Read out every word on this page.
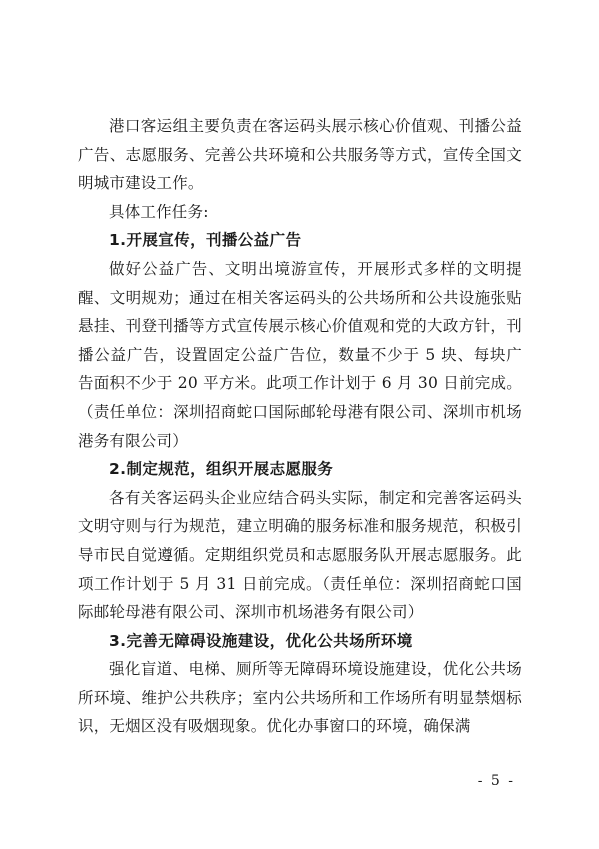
港口客运组主要负责在客运码头展示核心价值观、刊播公益广告、志愿服务、完善公共环境和公共服务等方式，宣传全国文明城市建设工作。

具体工作任务:

1.开展宣传，刊播公益广告

做好公益广告、文明出境游宣传，开展形式多样的文明提醒、文明规劝；通过在相关客运码头的公共场所和公共设施张贴悬挂、刊登刊播等方式宣传展示核心价值观和党的大政方针，刊播公益广告，设置固定公益广告位，数量不少于 5 块、每块广告面积不少于 20 平方米。此项工作计划于 6 月 30 日前完成。（责任单位：深圳招商蛇口国际邮轮母港有限公司、深圳市机场港务有限公司）

2.制定规范，组织开展志愿服务

各有关客运码头企业应结合码头实际，制定和完善客运码头文明守则与行为规范，建立明确的服务标准和服务规范，积极引导市民自觉遵循。定期组织党员和志愿服务队开展志愿服务。此项工作计划于 5 月 31 日前完成。（责任单位：深圳招商蛇口国际邮轮母港有限公司、深圳市机场港务有限公司）

3.完善无障碍设施建设，优化公共场所环境

强化盲道、电梯、厕所等无障碍环境设施建设，优化公共场所环境、维护公共秩序；室内公共场所和工作场所有明显禁烟标识，无烟区没有吸烟现象。优化办事窗口的环境，确保满

- 5 -
